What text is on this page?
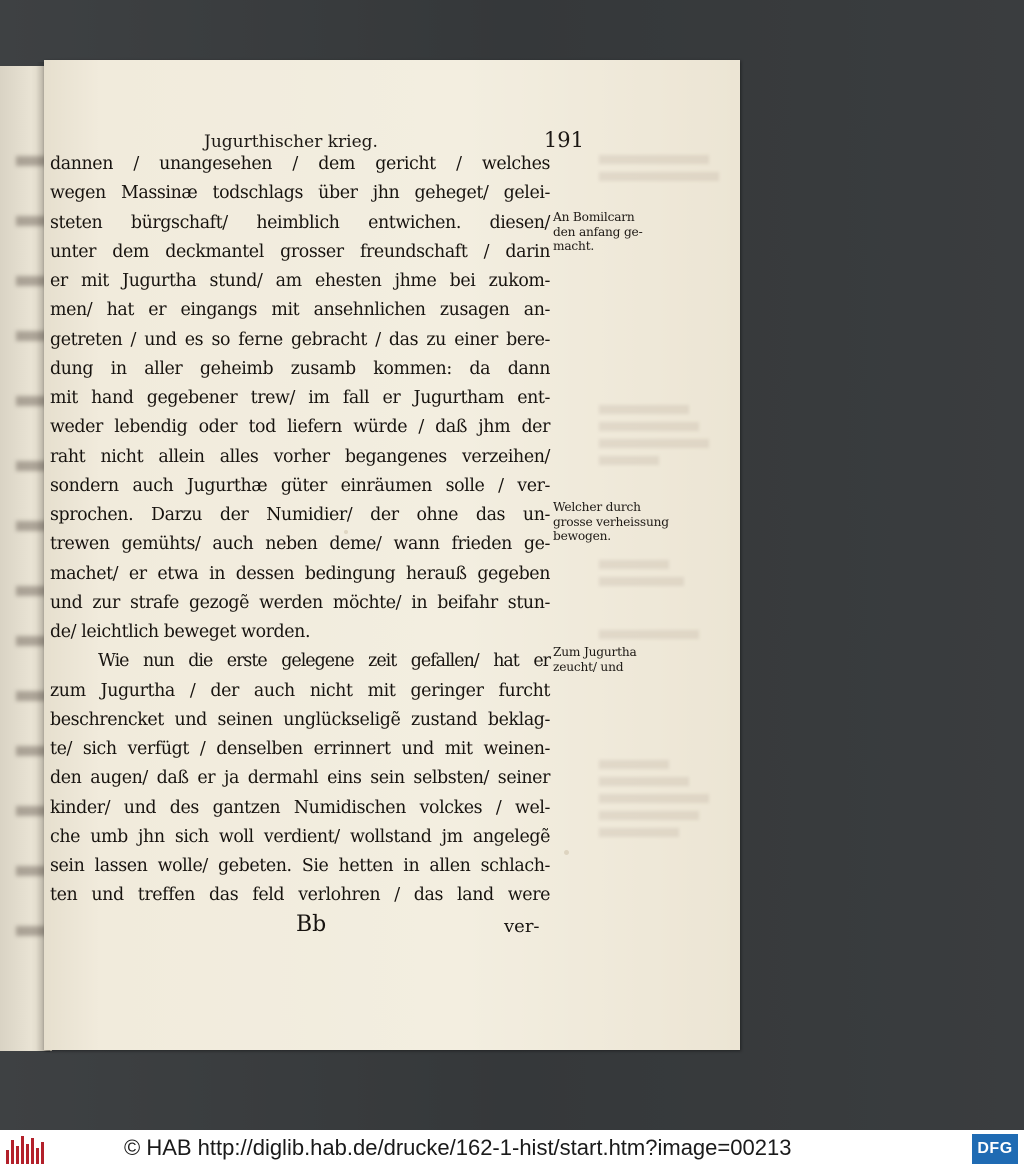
Jugurthischer krieg.	191
dannen / unangesehen / dem gericht / welches
wegen Massinæ todschlags über jhn geheget/ gelei-
steten bürgschaft/ heimblich entwichen. diesen/
unter dem deckmantel grosser freundschaft / darin
er mit Jugurtha stund/ am ehesten jhme bei zukom-
men/ hat er eingangs mit ansehnlichen zusagen an-
getreten / und es so ferne gebracht / das zu einer bere-
dung in aller geheimb zusamb kommen: da dann
mit hand gegebener trew/ im fall er Jugurtham ent-
weder lebendig oder tod liefern würde / daß jhm der
raht nicht allein alles vorher begangenes verzeihen/
sondern auch Jugurthæ güter einräumen solle / ver-
sprochen. Darzu der Numidier/ der ohne das un-
trewen gemühts/ auch neben deme/ wann frieden ge-
machet/ er etwa in dessen bedingung herauß gegeben
und zur strafe gezogẽ werden möchte/ in beifahr stun-
de/ leichtlich beweget worden.
Wie nun die erste gelegene zeit gefallen/ hat er
zum Jugurtha / der auch nicht mit geringer furcht
beschrencket und seinen unglückseligẽ zustand beklag-
te/ sich verfügt / denselben errinnert und mit weinen-
den augen/ daß er ja dermahl eins sein selbsten/ seiner
kinder/ und des gantzen Numidischen volckes / wel-
che umb jhn sich woll verdient/ wollstand jm angelegẽ
sein lassen wolle/ gebeten. Sie hetten in allen schlach-
ten und treffen das feld verlohren / das land were
An Bomilcarn
den anfang ge-
macht.
Welcher durch
grosse verheissung
bewogen.
Zum Jugurtha
zeucht/ und
Bb	ver-
© HAB http://diglib.hab.de/drucke/162-1-hist/start.htm?image=00213	DFG
